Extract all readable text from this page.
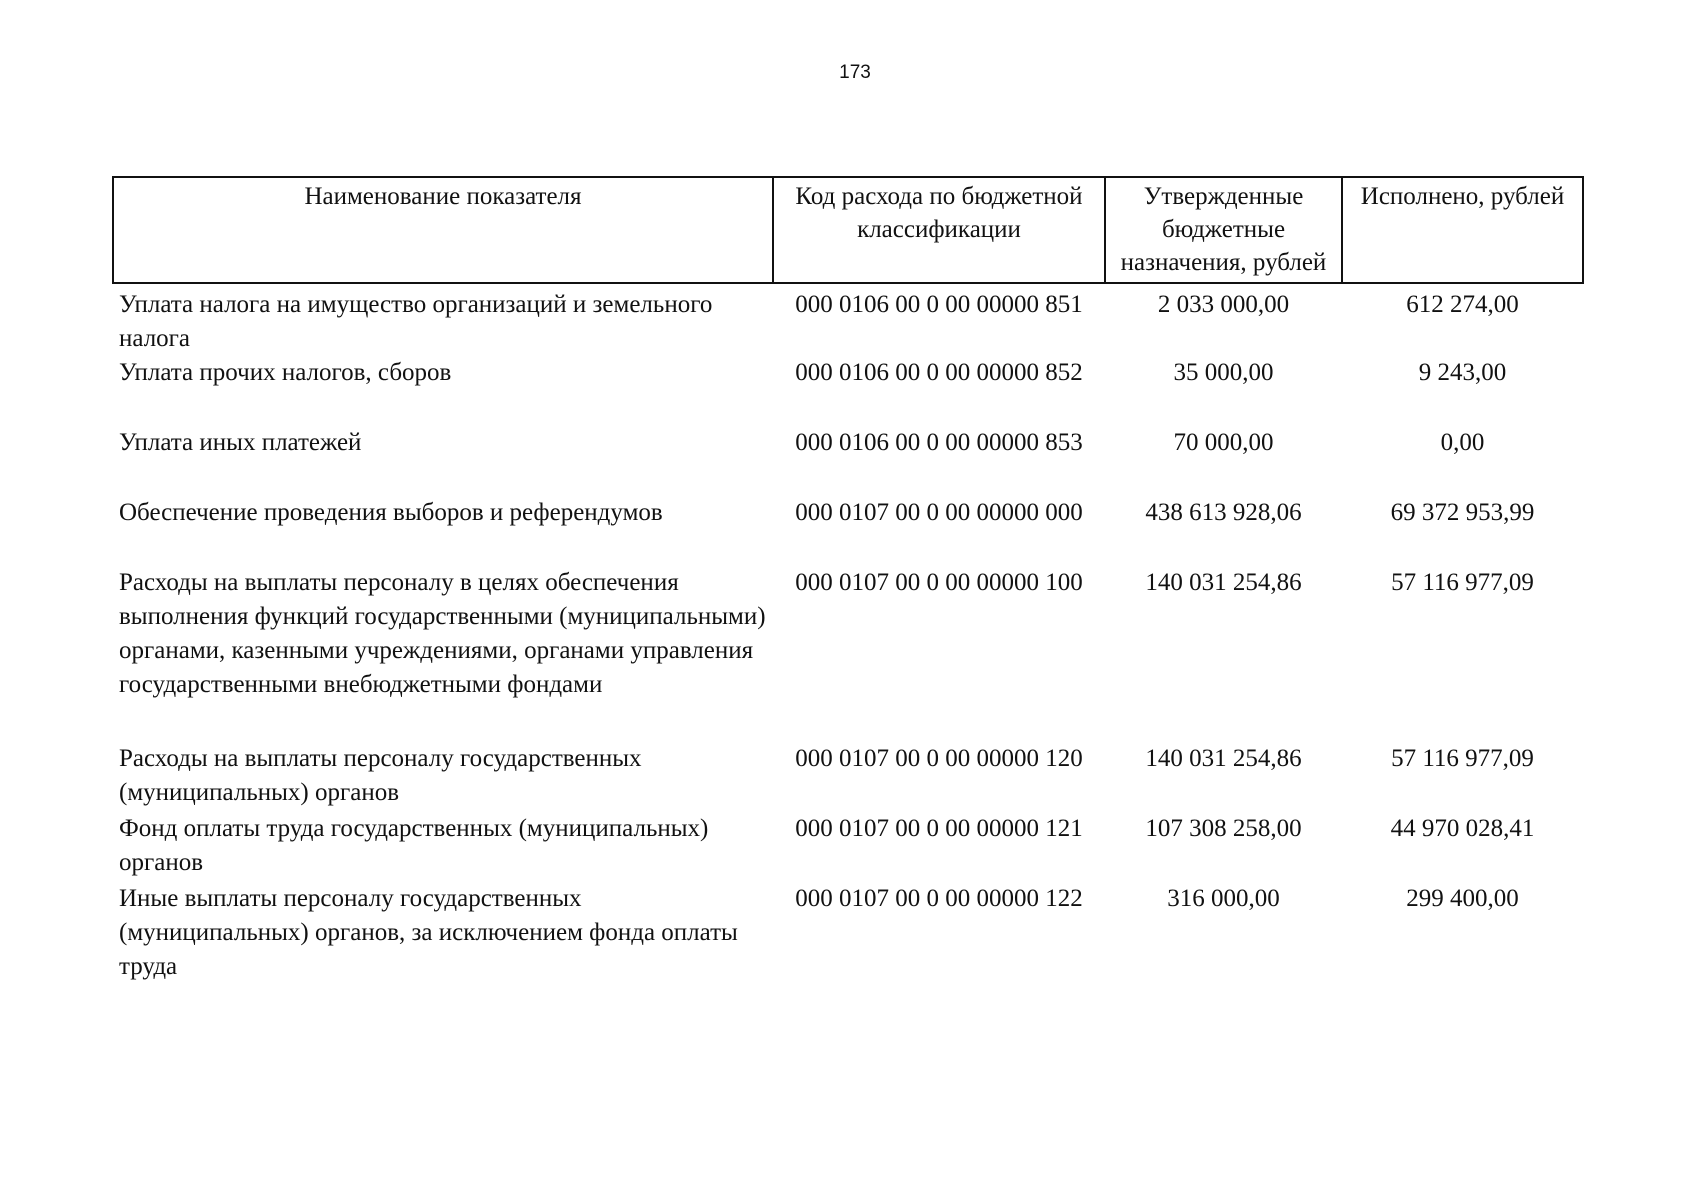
173
Наименование показателя	Код расхода по бюджетной классификации	Утвержденные бюджетные назначения, рублей	Исполнено, рублей
Уплата налога на имущество организаций и земельного налога	000 0106 00 0 00 00000 851	2 033 000,00	612 274,00
Уплата прочих налогов, сборов	000 0106 00 0 00 00000 852	35 000,00	9 243,00
Уплата иных платежей	000 0106 00 0 00 00000 853	70 000,00	0,00
Обеспечение проведения выборов и референдумов	000 0107 00 0 00 00000 000	438 613 928,06	69 372 953,99
Расходы на выплаты персоналу в целях обеспечения выполнения функций государственными (муниципальными) органами, казенными учреждениями, органами управления государственными внебюджетными фондами	000 0107 00 0 00 00000 100	140 031 254,86	57 116 977,09
Расходы на выплаты персоналу государственных (муниципальных) органов	000 0107 00 0 00 00000 120	140 031 254,86	57 116 977,09
Фонд оплаты труда государственных (муниципальных) органов	000 0107 00 0 00 00000 121	107 308 258,00	44 970 028,41
Иные выплаты персоналу государственных (муниципальных) органов, за исключением фонда оплаты труда	000 0107 00 0 00 00000 122	316 000,00	299 400,00
